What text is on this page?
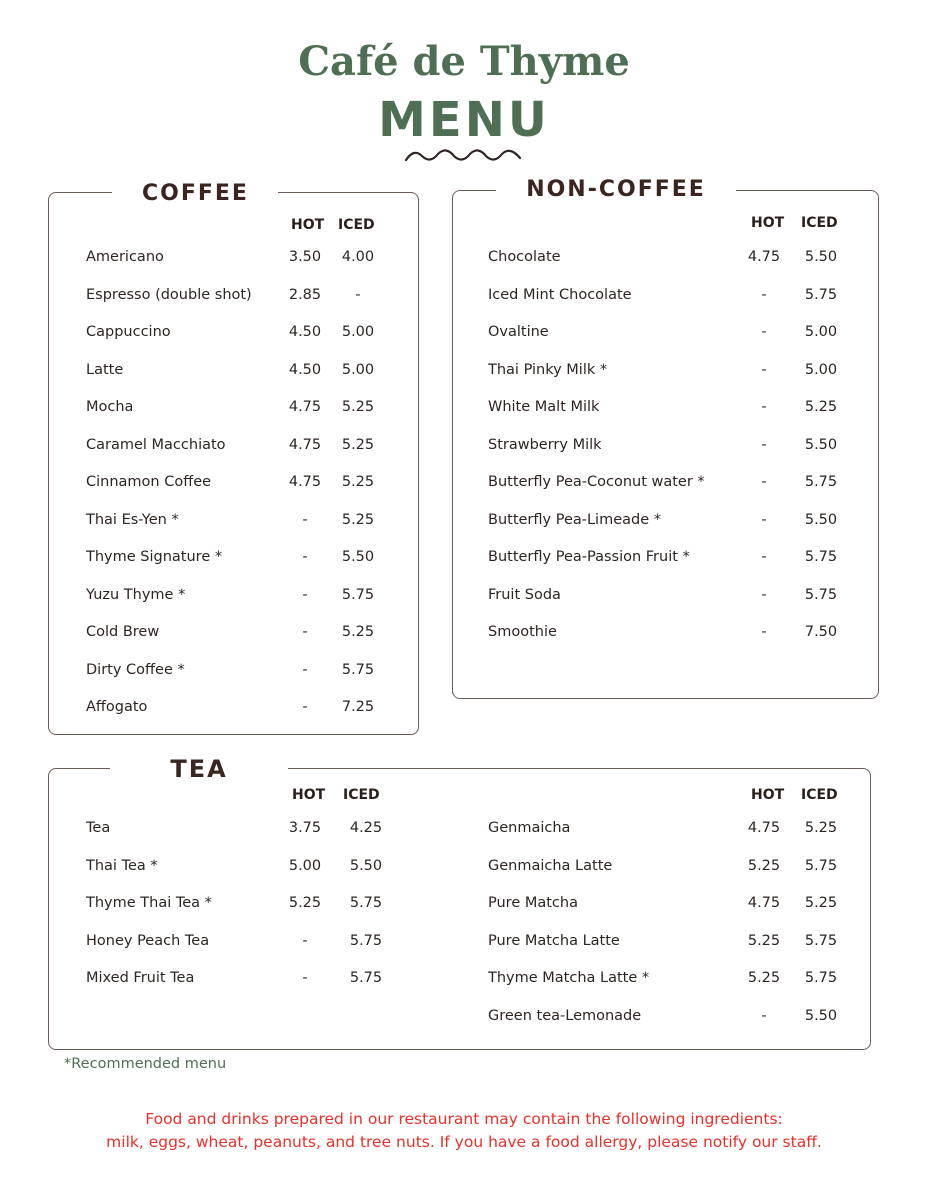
Café de Thyme
MENU
COFFEE
HOT ICED
Americano	3.50	4.00
Espresso (double shot)	2.85	-
Cappuccino	4.50	5.00
Latte	4.50	5.00
Mocha	4.75	5.25
Caramel Macchiato	4.75	5.25
Cinnamon Coffee	4.75	5.25
Thai Es-Yen *	-	5.25
Thyme Signature *	-	5.50
Yuzu Thyme *	-	5.75
Cold Brew	-	5.25
Dirty Coffee *	-	5.75
Affogato	-	7.25
NON-COFFEE
HOT ICED
Chocolate	4.75	5.50
Iced Mint Chocolate	-	5.75
Ovaltine	-	5.00
Thai Pinky Milk *	-	5.00
White Malt Milk	-	5.25
Strawberry Milk	-	5.50
Butterfly Pea-Coconut water *	-	5.75
Butterfly Pea-Limeade *	-	5.50
Butterfly Pea-Passion Fruit *	-	5.75
Fruit Soda	-	5.75
Smoothie	-	7.50
TEA
HOT ICED	HOT ICED
Tea	3.75	4.25
Thai Tea *	5.00	5.50
Thyme Thai Tea *	5.25	5.75
Honey Peach Tea	-	5.75
Mixed Fruit Tea	-	5.75
Genmaicha	4.75	5.25
Genmaicha Latte	5.25	5.75
Pure Matcha	4.75	5.25
Pure Matcha Latte	5.25	5.75
Thyme Matcha Latte *	5.25	5.75
Green tea-Lemonade	-	5.50
*Recommended menu
Food and drinks prepared in our restaurant may contain the following ingredients:
milk, eggs, wheat, peanuts, and tree nuts. If you have a food allergy, please notify our staff.
